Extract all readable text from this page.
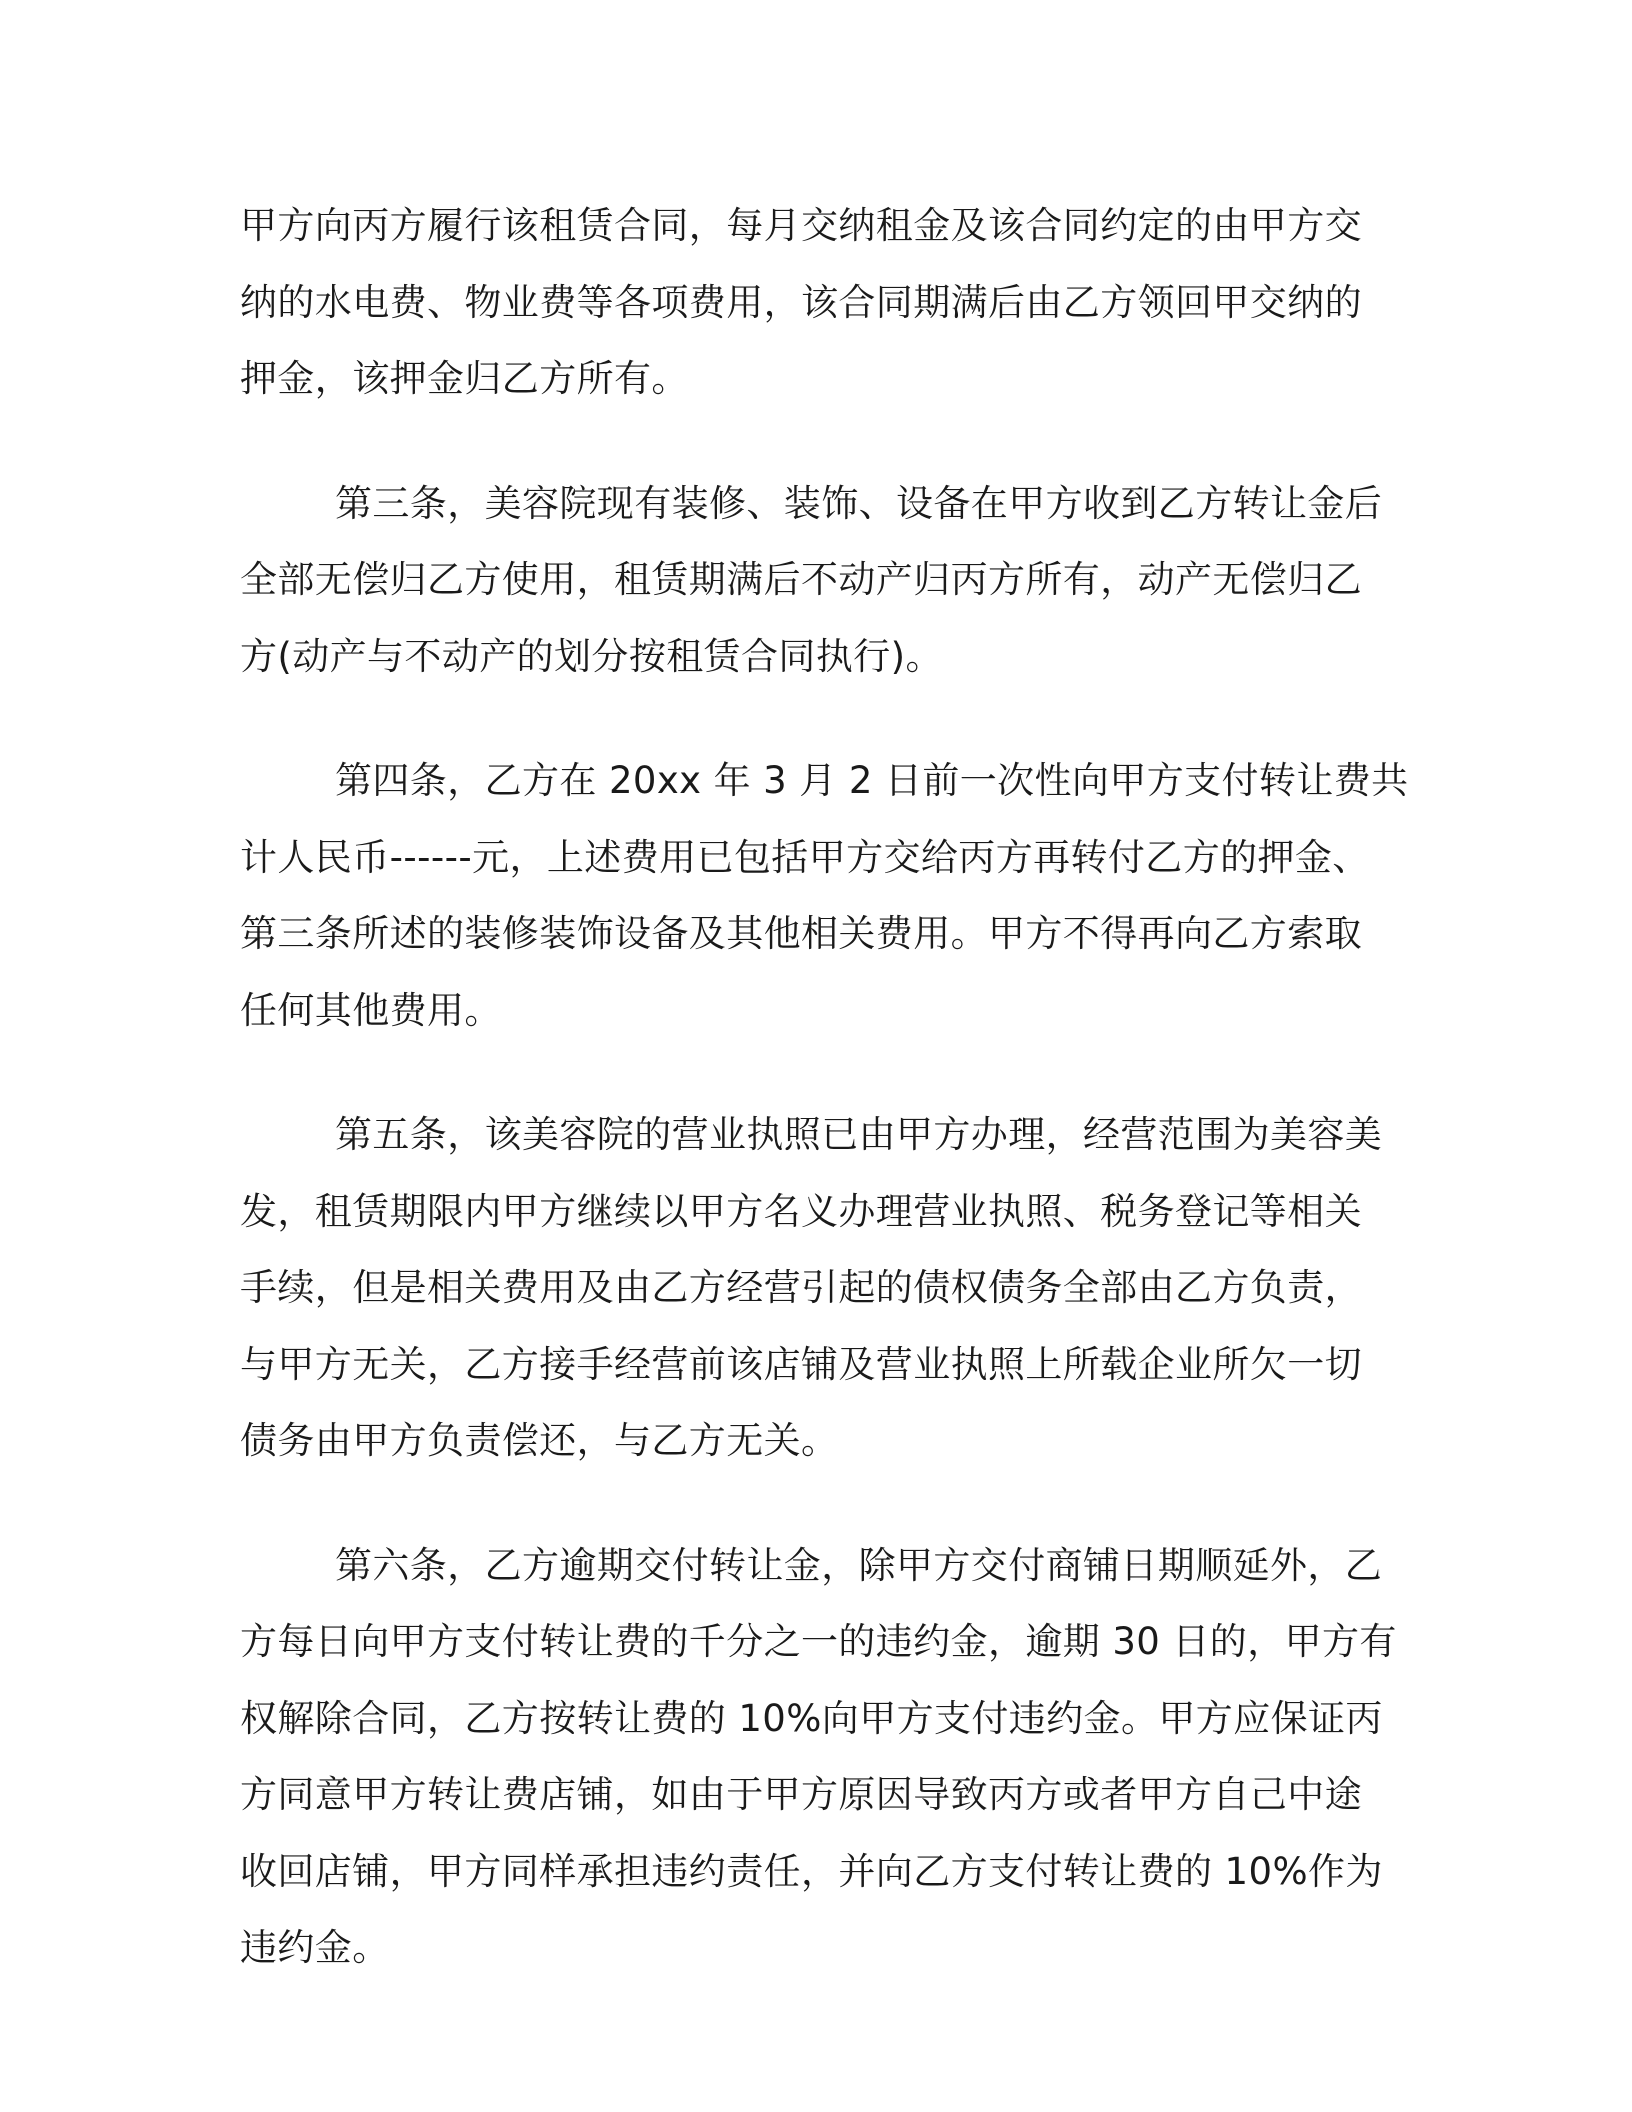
甲方向丙方履行该租赁合同，每月交纳租金及该合同约定的由甲方交
纳的水电费、物业费等各项费用，该合同期满后由乙方领回甲交纳的
押金，该押金归乙方所有。
第三条，美容院现有装修、装饰、设备在甲方收到乙方转让金后
全部无偿归乙方使用，租赁期满后不动产归丙方所有，动产无偿归乙
方(动产与不动产的划分按租赁合同执行)。
第四条，乙方在 20xx 年 3 月 2 日前一次性向甲方支付转让费共
计人民币------元，上述费用已包括甲方交给丙方再转付乙方的押金、
第三条所述的装修装饰设备及其他相关费用。甲方不得再向乙方索取
任何其他费用。
第五条，该美容院的营业执照已由甲方办理，经营范围为美容美
发，租赁期限内甲方继续以甲方名义办理营业执照、税务登记等相关
手续，但是相关费用及由乙方经营引起的债权债务全部由乙方负责，
与甲方无关，乙方接手经营前该店铺及营业执照上所载企业所欠一切
债务由甲方负责偿还，与乙方无关。
第六条，乙方逾期交付转让金，除甲方交付商铺日期顺延外，乙
方每日向甲方支付转让费的千分之一的违约金，逾期 30 日的，甲方有
权解除合同，乙方按转让费的 10%向甲方支付违约金。甲方应保证丙
方同意甲方转让费店铺，如由于甲方原因导致丙方或者甲方自己中途
收回店铺，甲方同样承担违约责任，并向乙方支付转让费的 10%作为
违约金。
